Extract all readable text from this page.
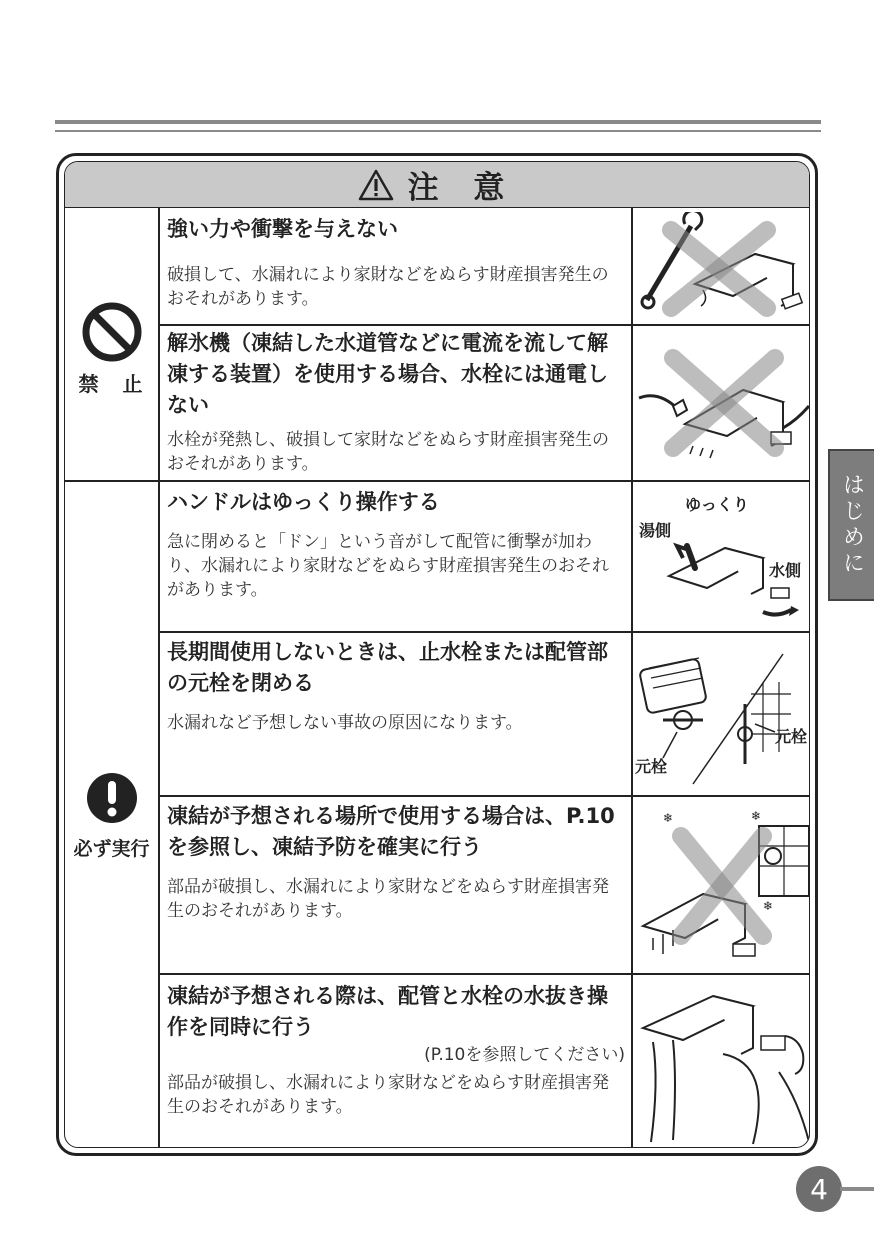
注 意
禁　止
必ず実行
強い力や衝撃を与えない
破損して、水漏れにより家財などをぬらす財産損害発生のおそれがあります。
解氷機（凍結した水道管などに電流を流して解凍する装置）を使用する場合、水栓には通電しない
水栓が発熱し、破損して家財などをぬらす財産損害発生のおそれがあります。
ハンドルはゆっくり操作する
急に閉めると「ドン」という音がして配管に衝撃が加わり、水漏れにより家財などをぬらす財産損害発生のおそれがあります。
長期間使用しないときは、止水栓または配管部の元栓を閉める
水漏れなど予想しない事故の原因になります。
凍結が予想される場所で使用する場合は、P.10を参照し、凍結予防を確実に行う
部品が破損し、水漏れにより家財などをぬらす財産損害発生のおそれがあります。
凍結が予想される際は、配管と水栓の水抜き操作を同時に行う
(P.10を参照してください)
部品が破損し、水漏れにより家財などをぬらす財産損害発生のおそれがあります。
ゆっくり
湯側
水側
元栓
元栓
❄	❄
❄
はじめに
4
